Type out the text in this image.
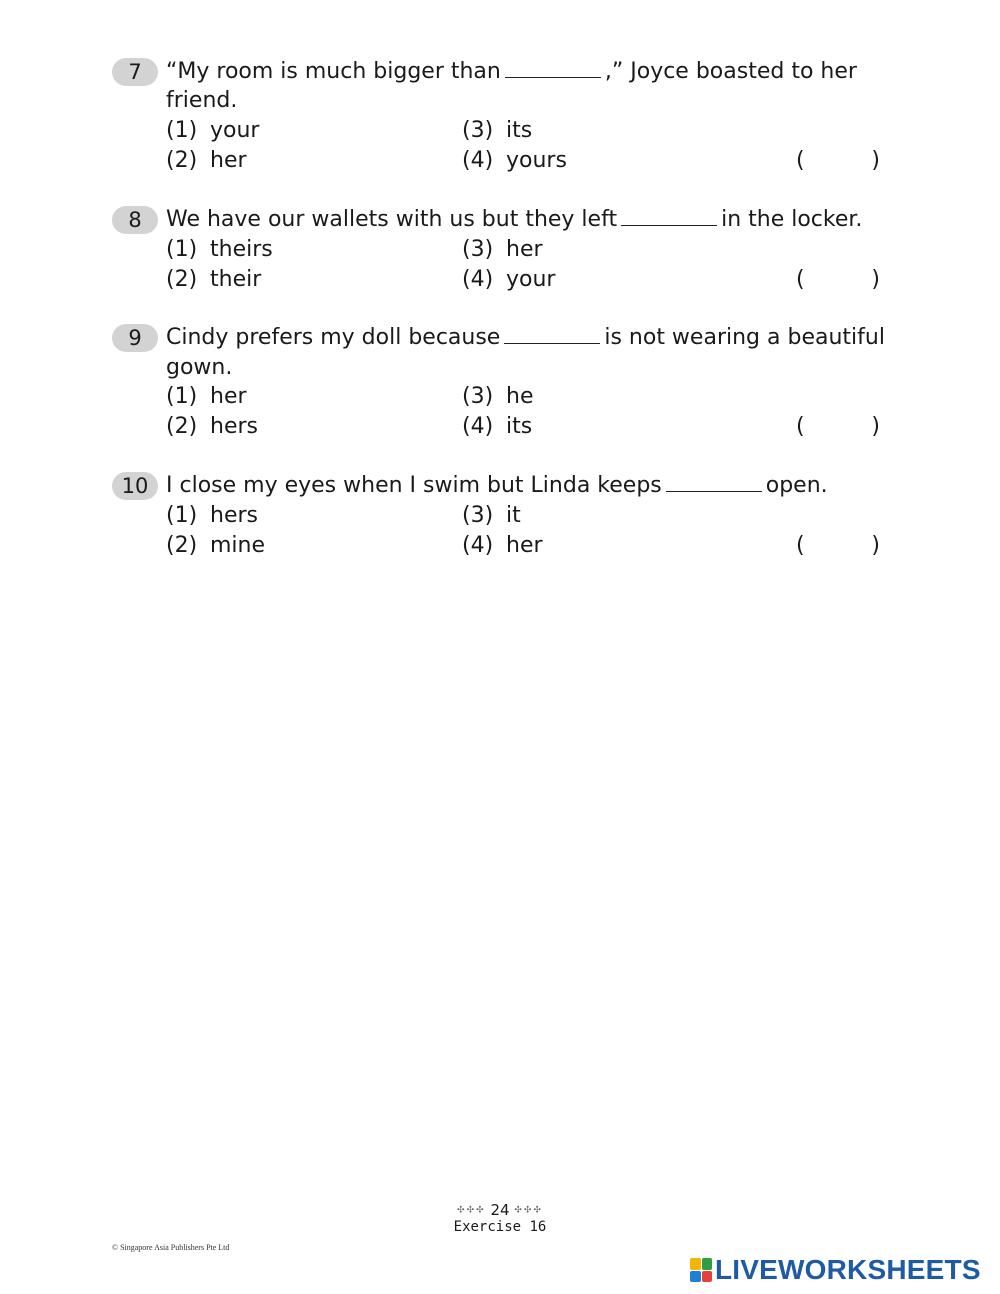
7	“My room is much bigger than	,” Joyce boasted to her
friend.
(1) your
(2) her
(3) its
(4) yours	(	)
8	We have our wallets with us but they left	in the locker.
(1) theirs
(2) their
(3) her
(4) your	(	)
9	Cindy prefers my doll because	is not wearing a beautiful
gown.
(1) her
(2) hers
(3) he
(4) its	(	)
10 I close my eyes when I swim but Linda keeps	open.
(1) hers
(2) mine
(3) it
(4) her	(	)
✣✣✣ 24 ✣✣✣
Exercise 16
© Singapore Asia Publishers Pte Ltd
LIVEWORKSHEETS
